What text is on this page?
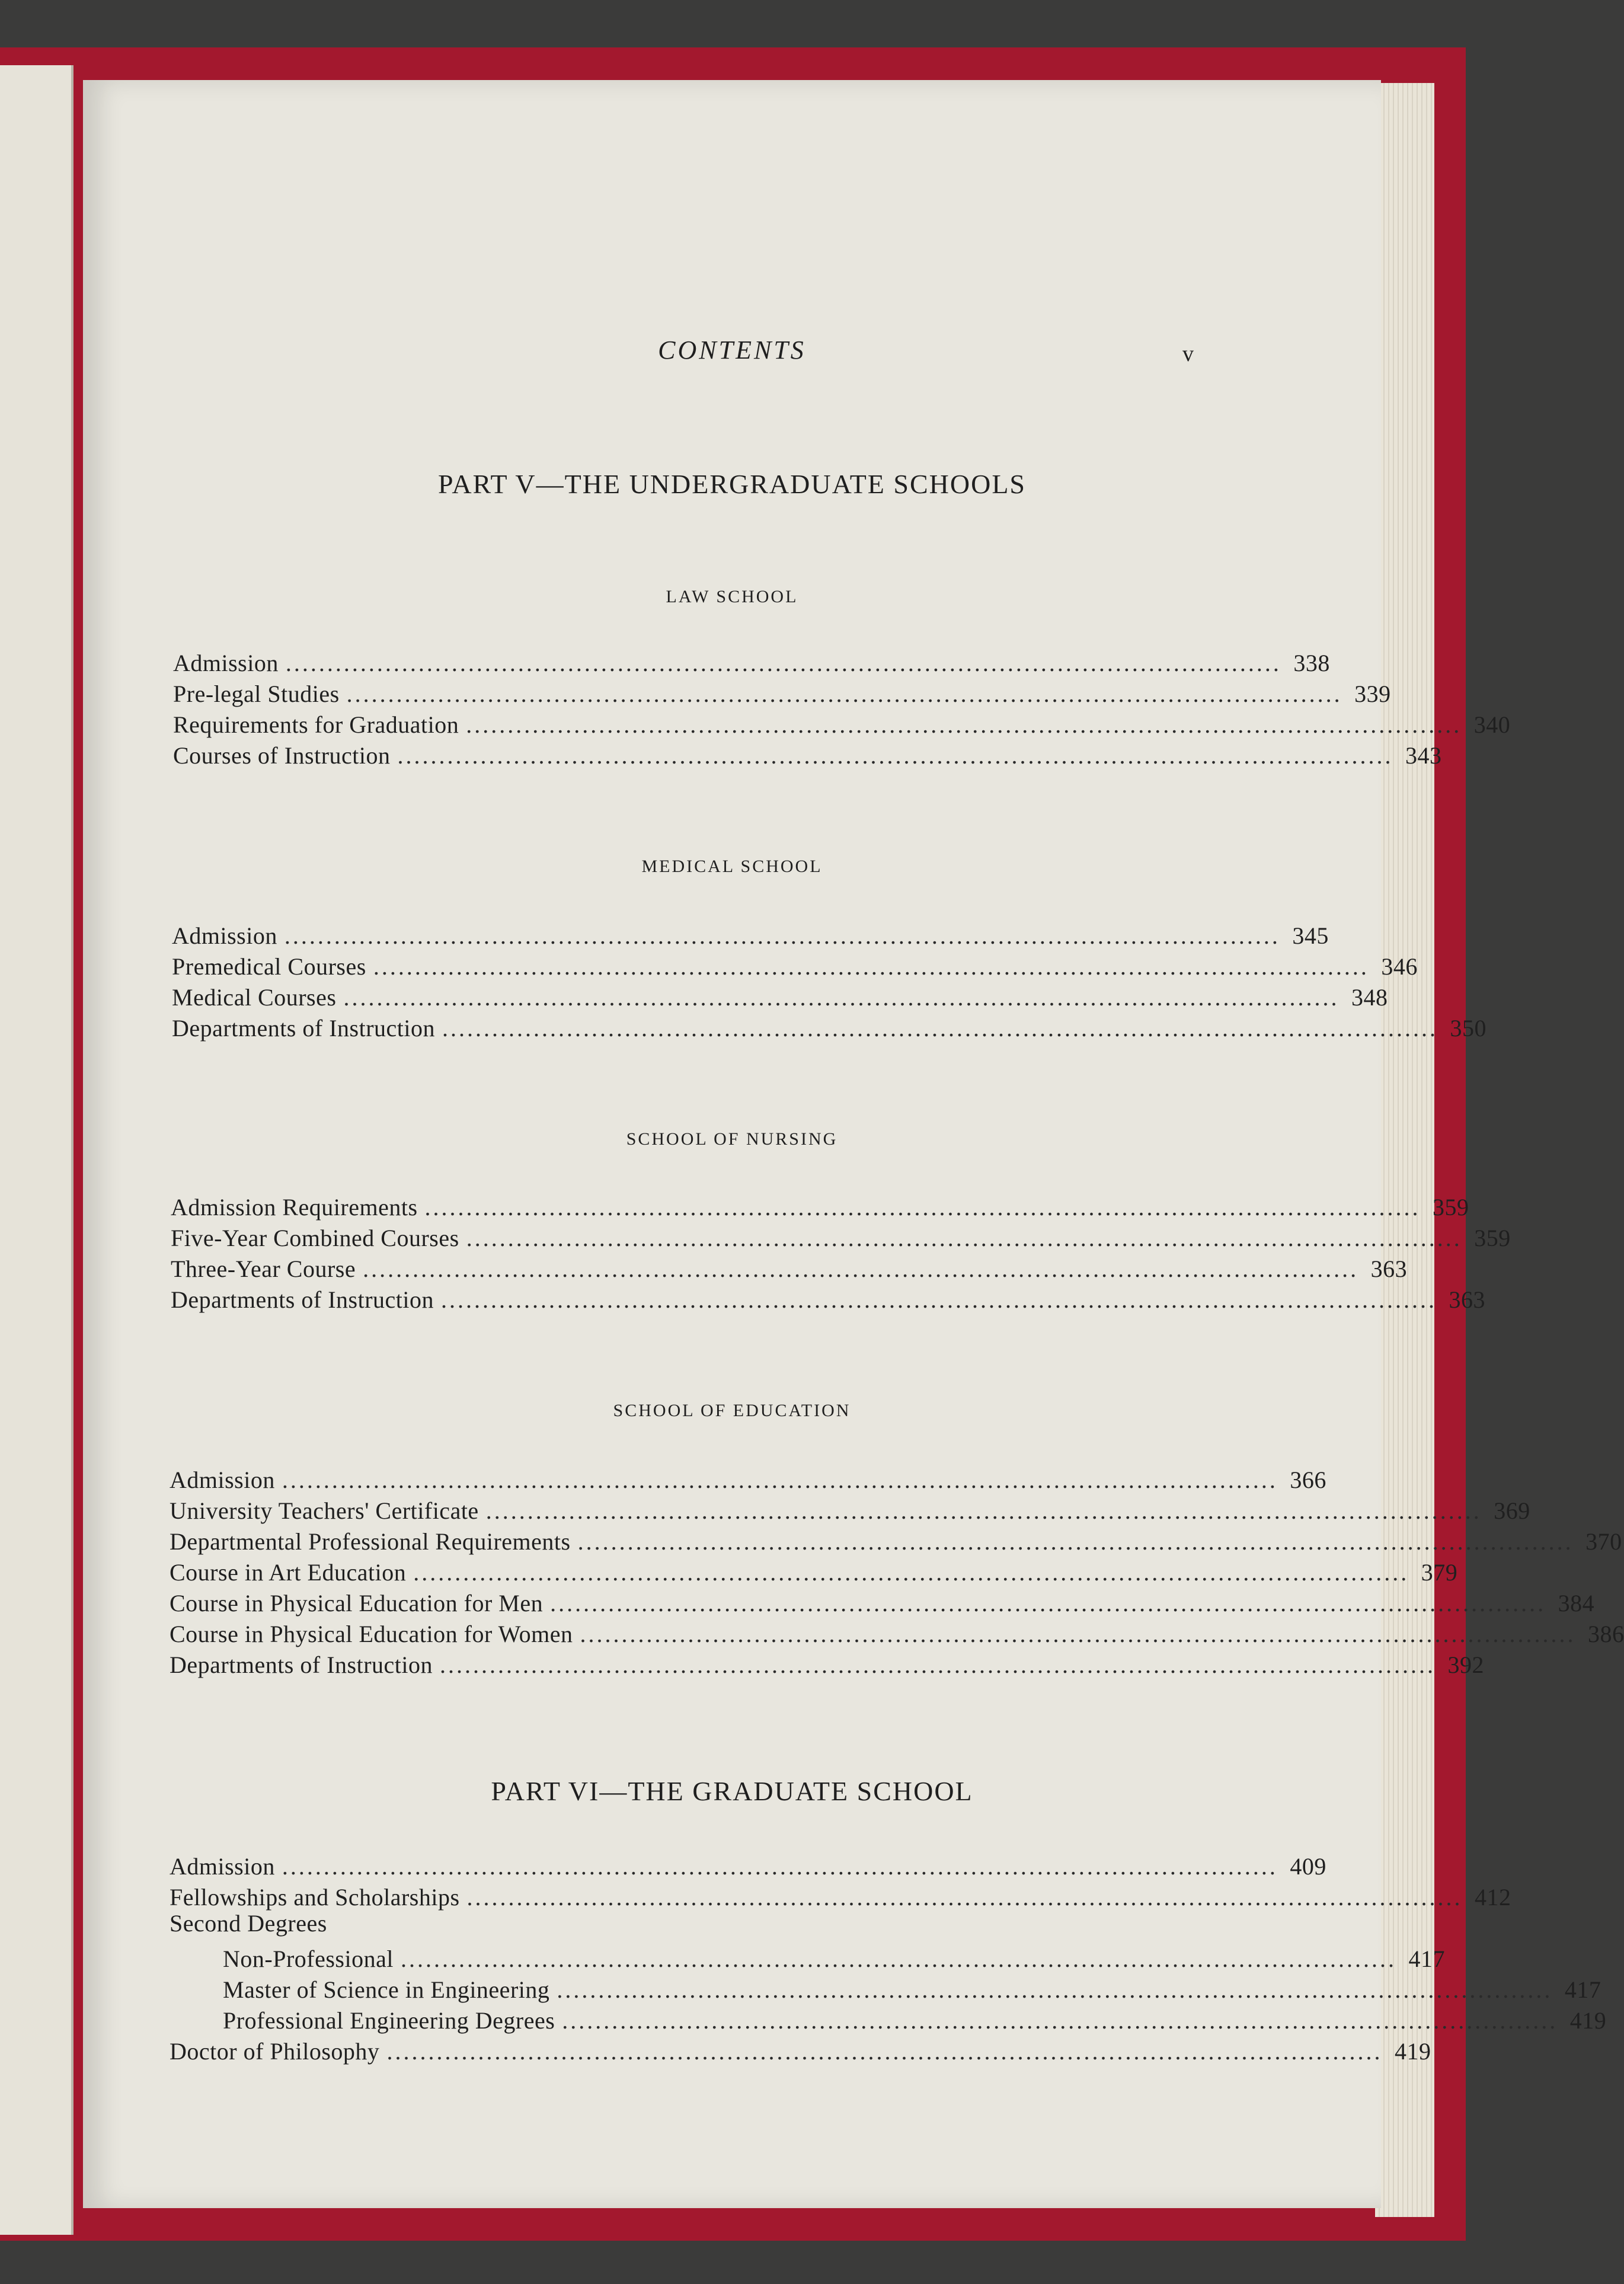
CONTENTS	v
PART V—THE UNDERGRADUATE SCHOOLS
LAW SCHOOL
Admission ........................................................................................................................ 338
Pre-legal Studies ........................................................................................................................ 339
Requirements for Graduation ........................................................................................................................ 340
Courses of Instruction ........................................................................................................................ 343
MEDICAL SCHOOL
Admission ........................................................................................................................ 345
Premedical Courses ........................................................................................................................ 346
Medical Courses ........................................................................................................................ 348
Departments of Instruction ........................................................................................................................ 350
SCHOOL OF NURSING
Admission Requirements ........................................................................................................................ 359
Five-Year Combined Courses ........................................................................................................................ 359
Three-Year Course ........................................................................................................................ 363
Departments of Instruction ........................................................................................................................ 363
SCHOOL OF EDUCATION
Admission ........................................................................................................................ 366
University Teachers' Certificate ........................................................................................................................ 369
Departmental Professional Requirements ........................................................................................................................ 370
Course in Art Education ........................................................................................................................ 379
Course in Physical Education for Men ........................................................................................................................ 384
Course in Physical Education for Women ........................................................................................................................ 386
Departments of Instruction ........................................................................................................................ 392
PART VI—THE GRADUATE SCHOOL
Admission ........................................................................................................................ 409
Fellowships and Scholarships ........................................................................................................................ 412
Second Degrees
Non-Professional ........................................................................................................................ 417
Master of Science in Engineering ........................................................................................................................ 417
Professional Engineering Degrees ........................................................................................................................ 419
Doctor of Philosophy ........................................................................................................................ 419
